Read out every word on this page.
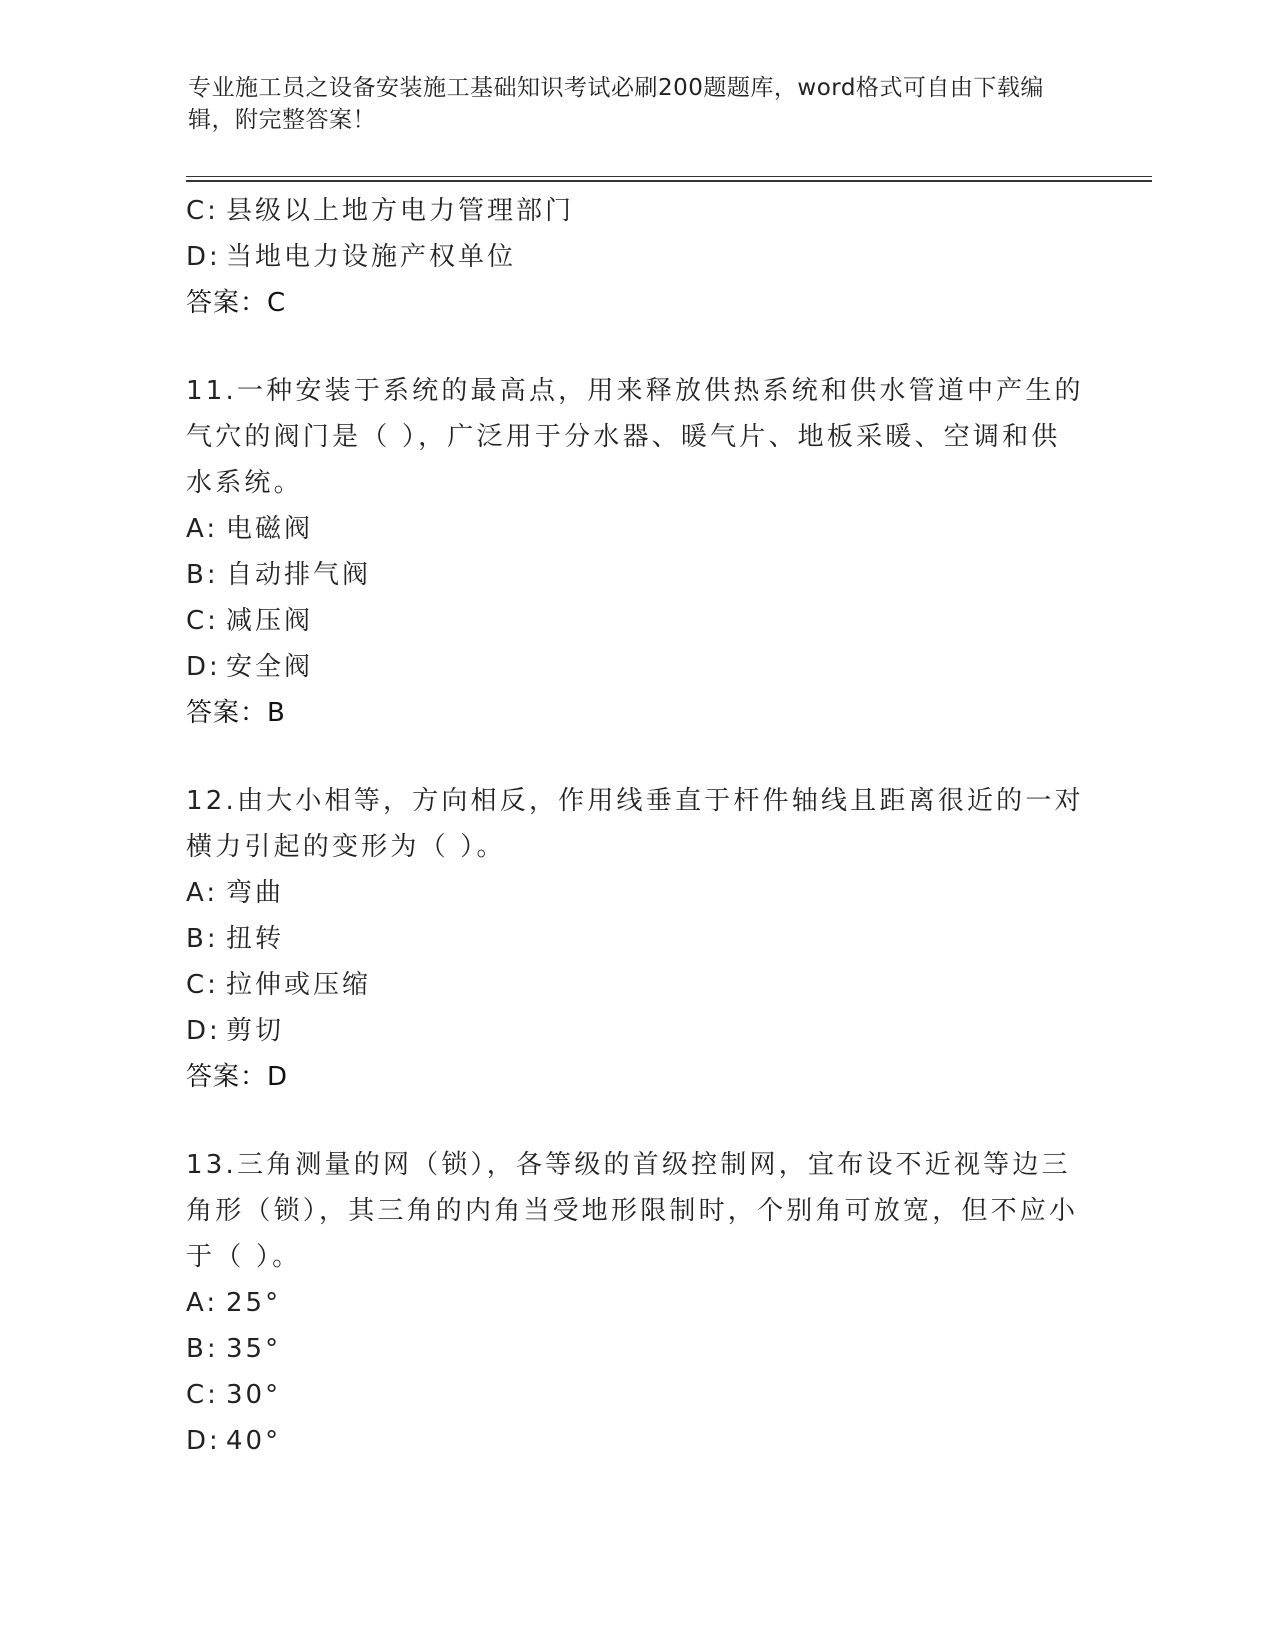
专业施工员之设备安装施工基础知识考试必刷200题题库，word格式可自由下载编辑，附完整答案！
C: 县级以上地方电力管理部门
D: 当地电力设施产权单位
答案：C
11.一种安装于系统的最高点，用来释放供热系统和供水管道中产生的气穴的阀门是（ ），广泛用于分水器、暖气片、地板采暖、空调和供水系统。
A: 电磁阀
B: 自动排气阀
C: 减压阀
D: 安全阀
答案：B
12.由大小相等，方向相反，作用线垂直于杆件轴线且距离很近的一对横力引起的变形为（ ）。
A: 弯曲
B: 扭转
C: 拉伸或压缩
D: 剪切
答案：D
13.三角测量的网（锁），各等级的首级控制网，宜布设不近视等边三角形（锁），其三角的内角当受地形限制时，个别角可放宽，但不应小于（ ）。
A: 25°
B: 35°
C: 30°
D: 40°
